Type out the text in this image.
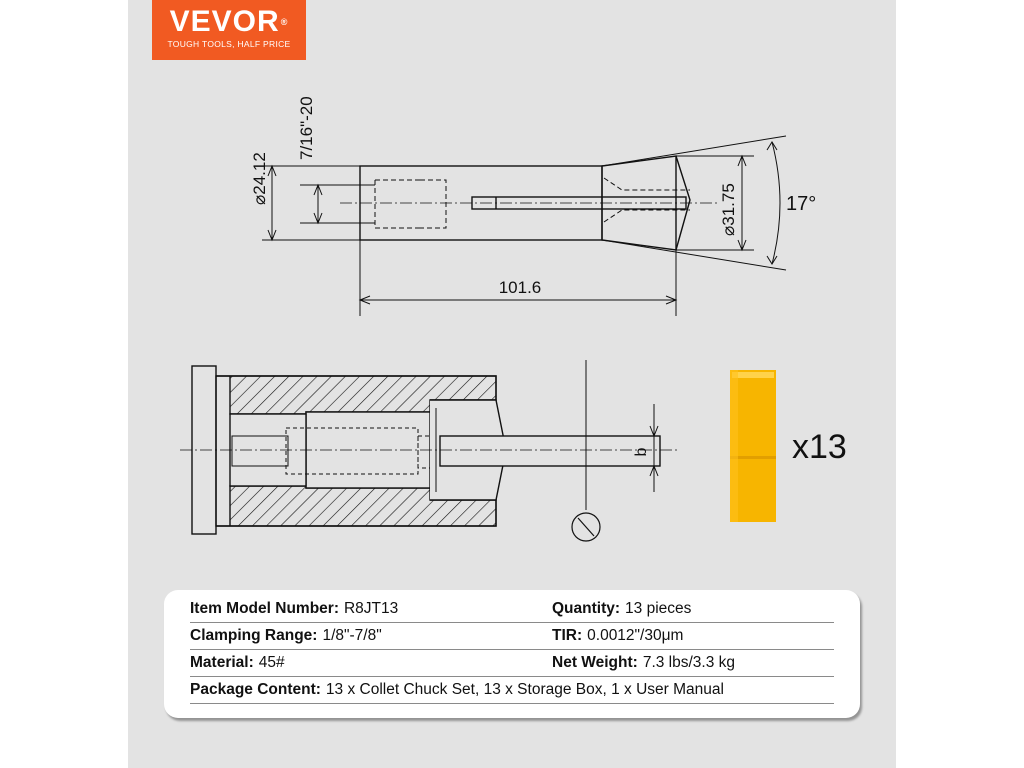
VEVOR®
TOUGH TOOLS, HALF PRICE
⌀24.12
7/16"-20
101.6
⌀31.75 17°
b	x13
Item Model Number: R8JT13	Quantity: 13 pieces
Clamping Range: 1/8"-7/8"	TIR: 0.0012"/30μm
Material: 45#	Net Weight: 7.3 lbs/3.3 kg
Package Content: 13 x Collet Chuck Set, 13 x Storage Box, 1 x User Manual
